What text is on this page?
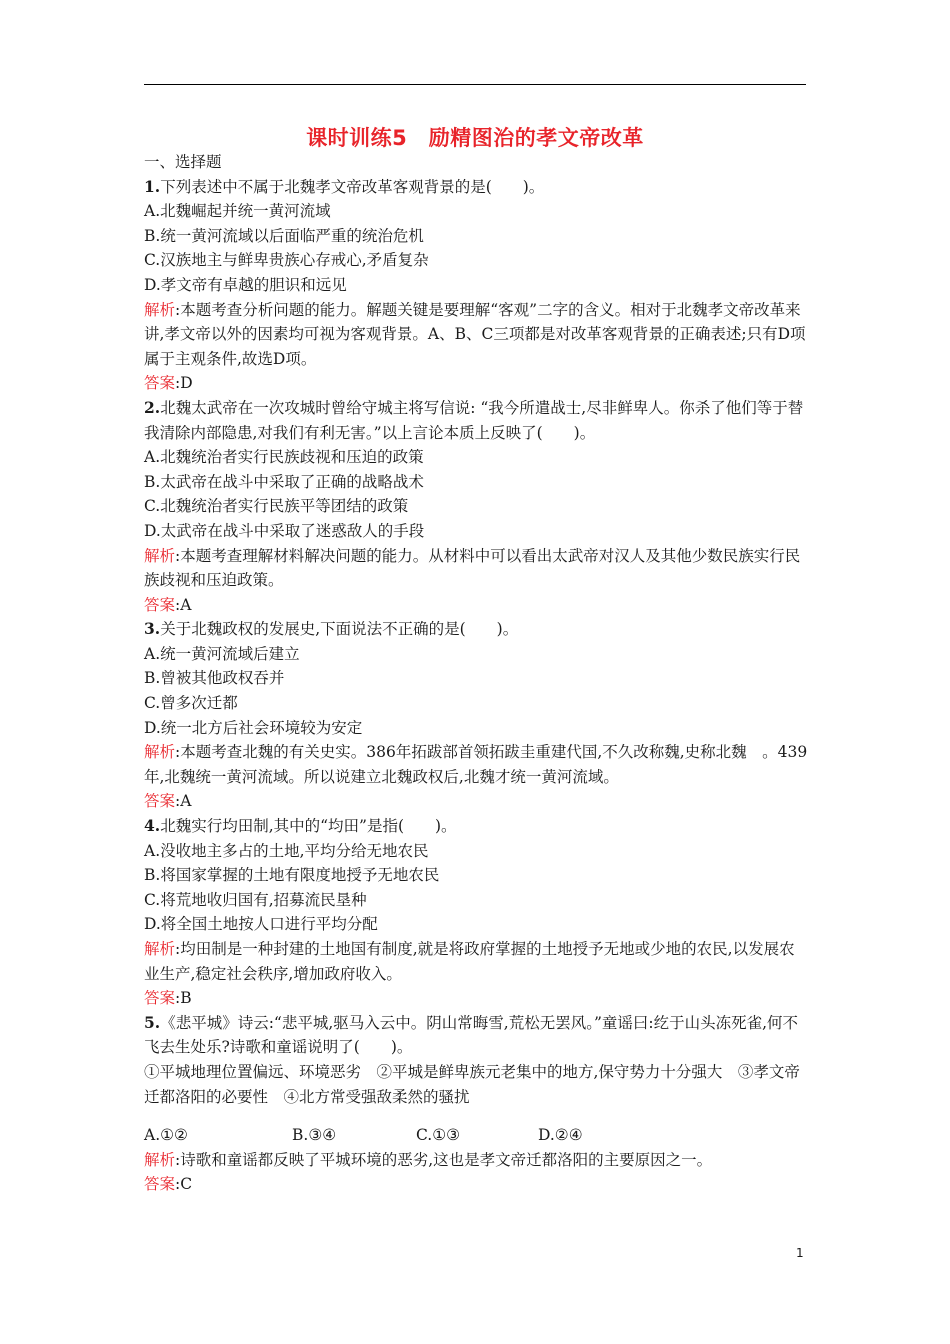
课时训练5　励精图治的孝文帝改革

一、选择题

1.下列表述中不属于北魏孝文帝改革客观背景的是(　　)。

A.北魏崛起并统一黄河流域

B.统一黄河流域以后面临严重的统治危机

C.汉族地主与鲜卑贵族心存戒心,矛盾复杂

D.孝文帝有卓越的胆识和远见

解析:本题考查分析问题的能力。解题关键是要理解“客观”二字的含义。相对于北魏孝文帝改革来讲,孝文帝以外的因素均可视为客观背景。A、B、C三项都是对改革客观背景的正确表述;只有D项属于主观条件,故选D项。

答案:D

2.北魏太武帝在一次攻城时曾给守城主将写信说: “我今所遣战士,尽非鲜卑人。你杀了他们等于替我清除内部隐患,对我们有利无害。”以上言论本质上反映了(　　)。

A.北魏统治者实行民族歧视和压迫的政策

B.太武帝在战斗中采取了正确的战略战术

C.北魏统治者实行民族平等团结的政策

D.太武帝在战斗中采取了迷惑敌人的手段

解析:本题考查理解材料解决问题的能力。从材料中可以看出太武帝对汉人及其他少数民族实行民族歧视和压迫政策。

答案:A

3.关于北魏政权的发展史,下面说法不正确的是(　　)。

A.统一黄河流域后建立

B.曾被其他政权吞并

C.曾多次迁都

D.统一北方后社会环境较为安定

解析:本题考查北魏的有关史实。386年拓跋部首领拓跋圭重建代国,不久改称魏,史称北魏　。439年,北魏统一黄河流域。所以说建立北魏政权后,北魏才统一黄河流域。

答案:A

4.北魏实行均田制,其中的“均田”是指(　　)。

A.没收地主多占的土地,平均分给无地农民

B.将国家掌握的土地有限度地授予无地农民

C.将荒地收归国有,招募流民垦种

D.将全国土地按人口进行平均分配

解析:均田制是一种封建的土地国有制度,就是将政府掌握的土地授予无地或少地的农民,以发展农业生产,稳定社会秩序,增加政府收入。

答案:B

5.《悲平城》诗云:“悲平城,驱马入云中。阴山常晦雪,荒松无罢风。”童谣曰:纥于山头冻死雀,何不飞去生处乐?诗歌和童谣说明了(　　)。

①平城地理位置偏远、环境恶劣　②平城是鲜卑族元老集中的地方,保守势力十分强大　③孝文帝迁都洛阳的必要性　④北方常受强敌柔然的骚扰

A.①②	B.③④	C.①③	D.②④

解析:诗歌和童谣都反映了平城环境的恶劣,这也是孝文帝迁都洛阳的主要原因之一。

答案:C

1
